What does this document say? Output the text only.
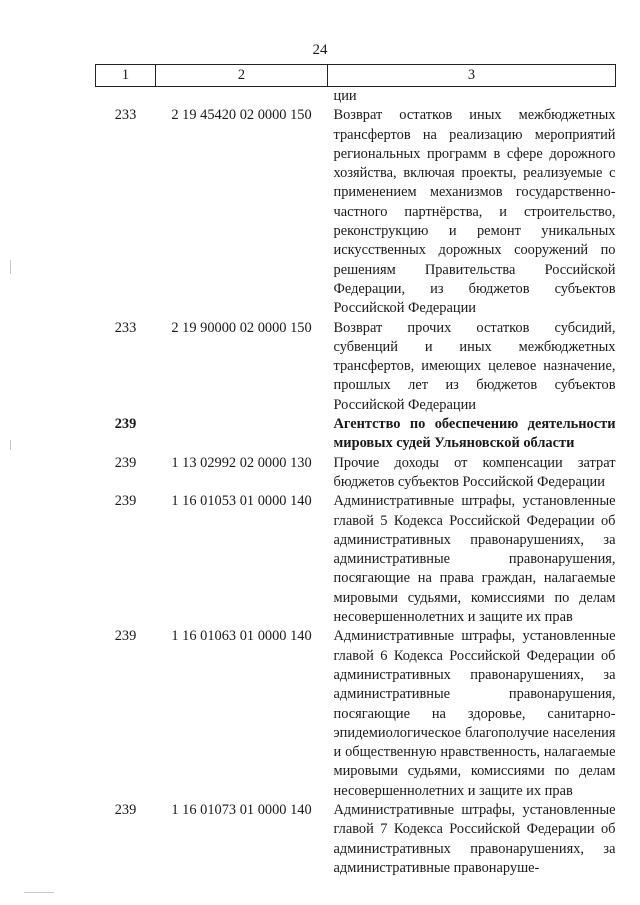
24
1	2	3
		ции
233	2 19 45420 02 0000 150	Возврат остатков иных межбюджетных трансфертов на реализацию мероприятий региональных программ в сфере дорожного хозяйства, включая проекты, реализуемые с применением механизмов государственно-частного партнёрства, и строительство, реконструкцию и ремонт уникальных искусственных дорожных сооружений по решениям Правительства Российской Федерации, из бюджетов субъектов Российской Федерации
233	2 19 90000 02 0000 150	Возврат прочих остатков субсидий, субвенций и иных межбюджетных трансфертов, имеющих целевое назначение, прошлых лет из бюджетов субъектов Российской Федерации
239		Агентство по обеспечению деятельности мировых судей Ульяновской области
239	1 13 02992 02 0000 130	Прочие доходы от компенсации затрат бюджетов субъектов Российской Федерации
239	1 16 01053 01 0000 140	Административные штрафы, установленные главой 5 Кодекса Российской Федерации об административных правонарушениях, за административные правонарушения, посягающие на права граждан, налагаемые мировыми судьями, комиссиями по делам несовершеннолетних и защите их прав
239	1 16 01063 01 0000 140	Административные штрафы, установленные главой 6 Кодекса Российской Федерации об административных правонарушениях, за административные правонарушения, посягающие на здоровье, санитарно-эпидемиологическое благополучие населения и общественную нравственность, налагаемые мировыми судьями, комиссиями по делам несовершеннолетних и защите их прав
239	1 16 01073 01 0000 140	Административные штрафы, установленные главой 7 Кодекса Российской Федерации об административных правонарушениях, за административные правонаруше-
